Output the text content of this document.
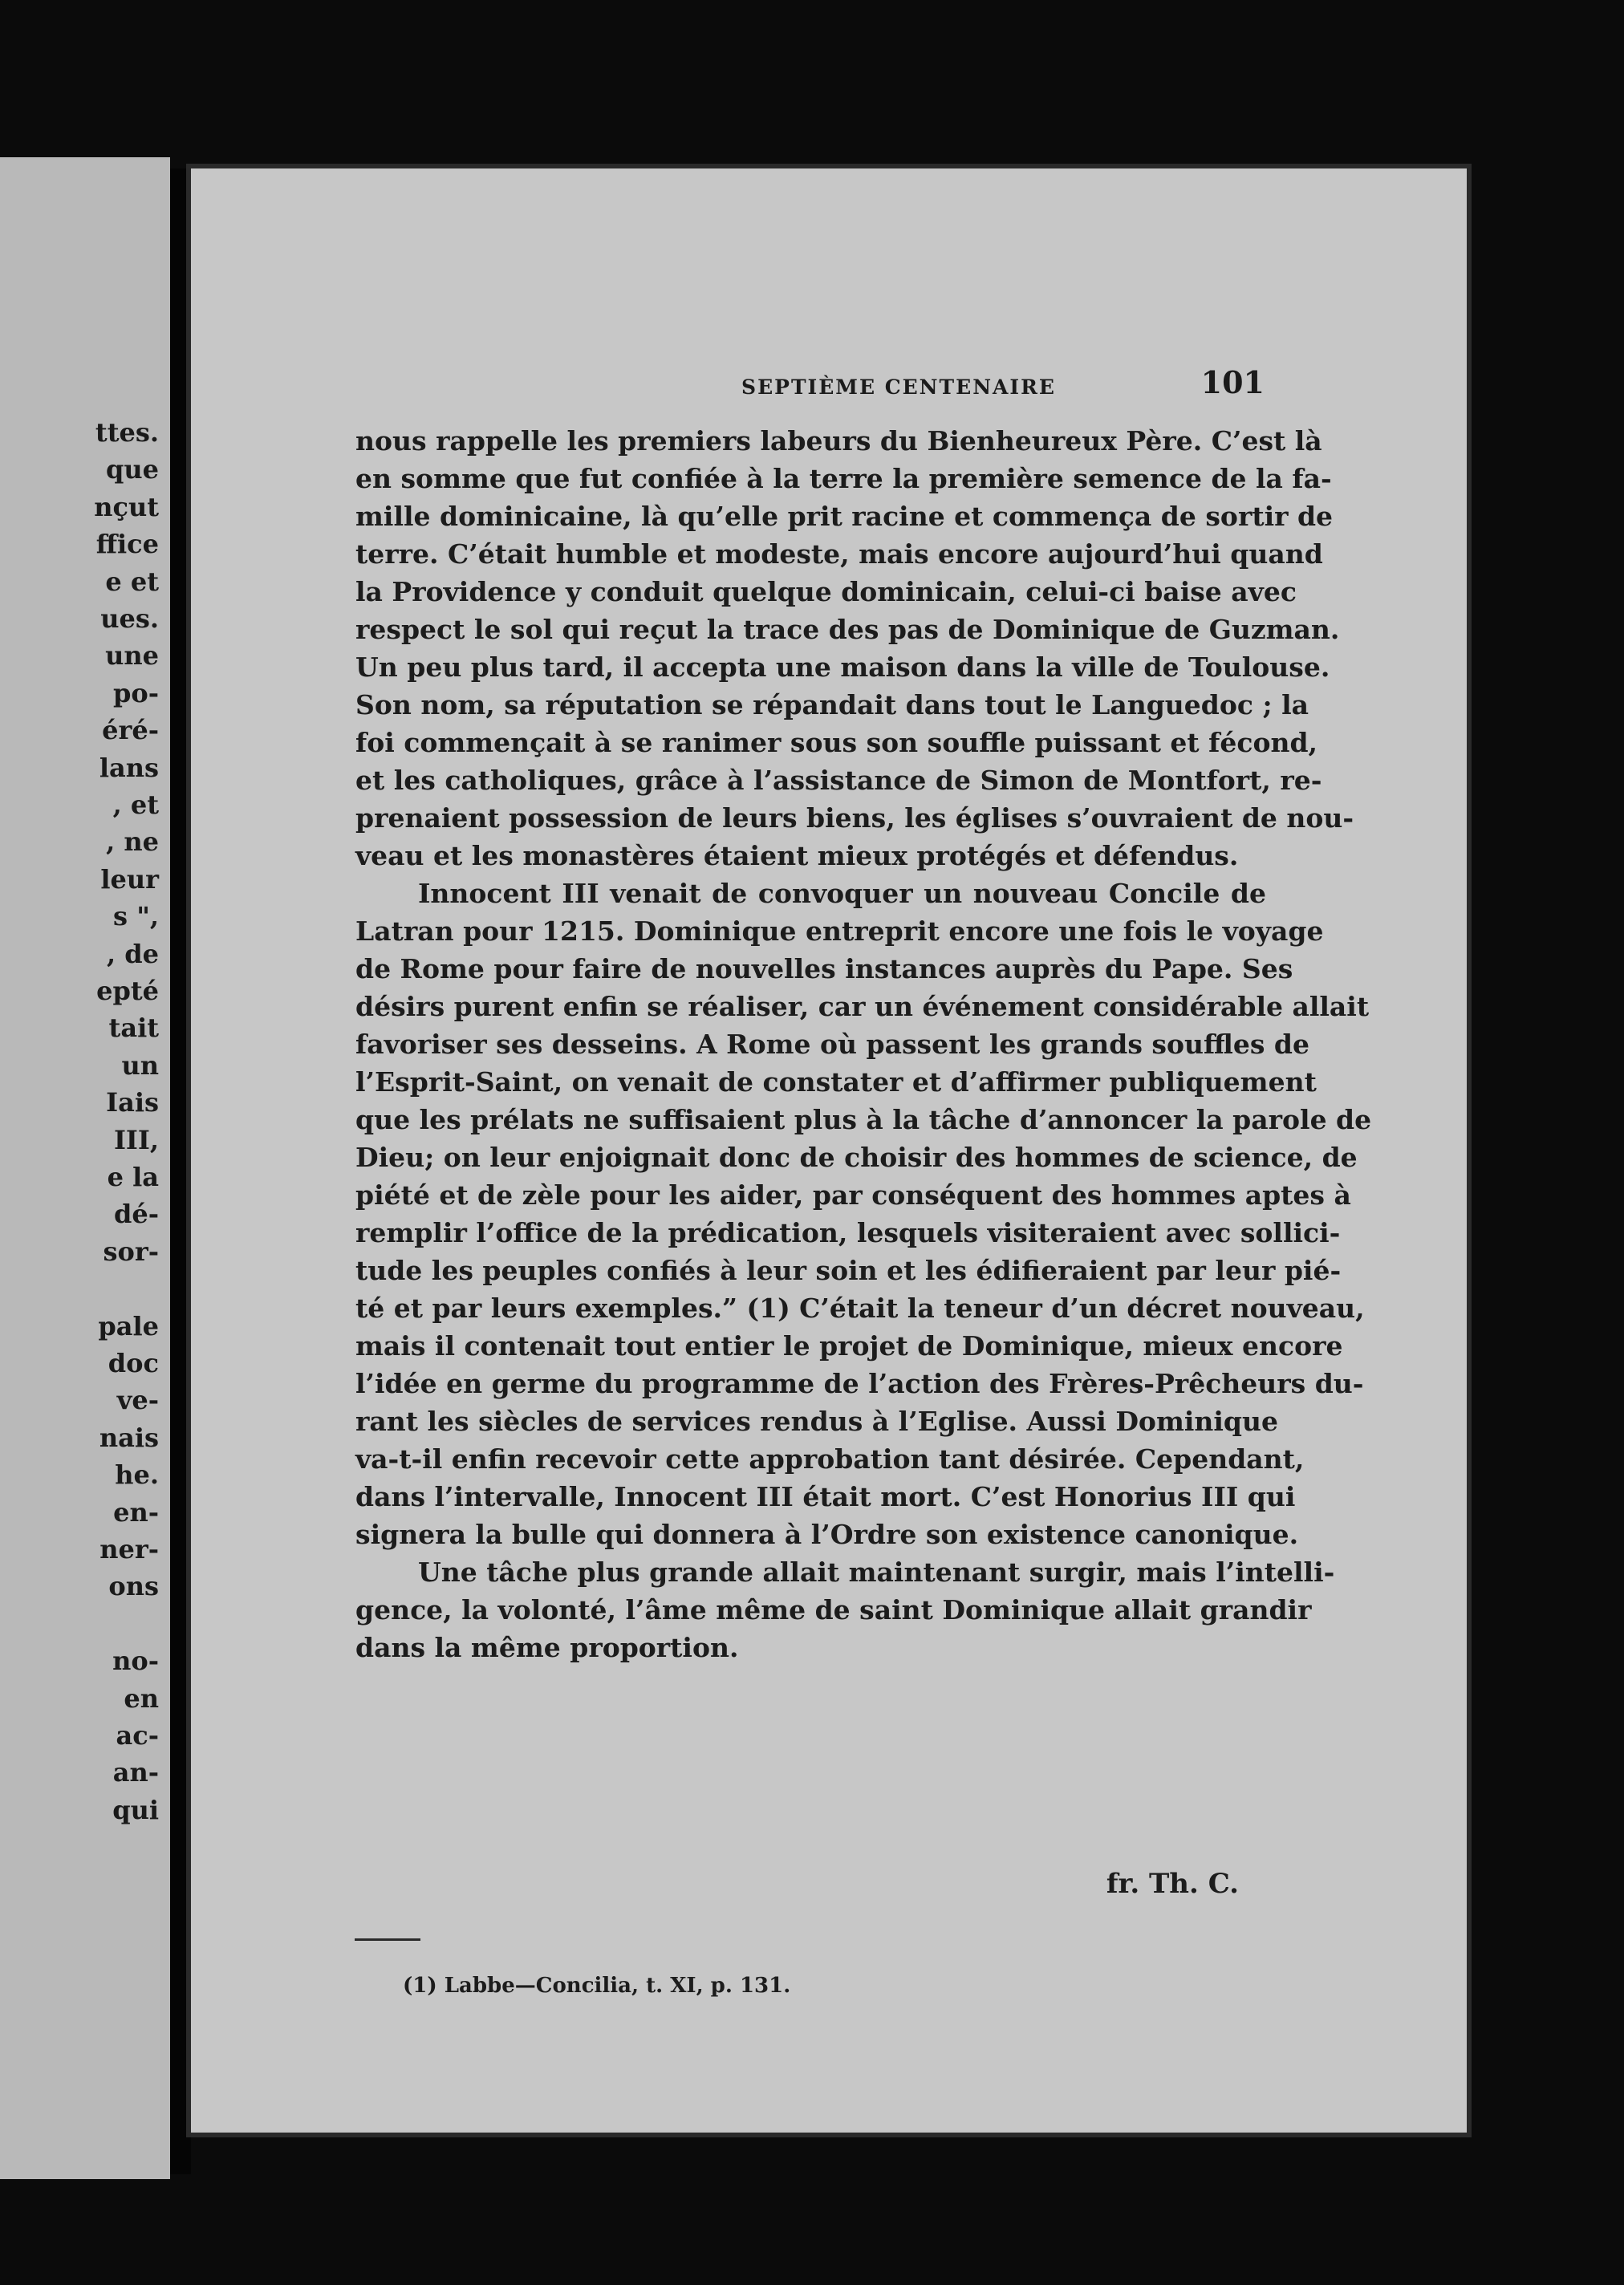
ttes.
que
nçut
ffice
e et
ues.
une
po-
éré-
lans
, et
, ne
leur
s ",
, de
epté
tait
un
Iais
III,
e la
dé-
sor-
pale
doc
ve-
nais
he.
en-
ner-
ons
no-
en
ac-
an-
qui
SEPTIÈME CENTENAIRE	101
nous rappelle les premiers labeurs du Bienheureux Père. C’est là
en somme que fut confiée à la terre la première semence de la fa-
mille dominicaine, là qu’elle prit racine et commença de sortir de
terre. C’était humble et modeste, mais encore aujourd’hui quand
la Providence y conduit quelque dominicain, celui-ci baise avec
respect le sol qui reçut la trace des pas de Dominique de Guzman.
Un peu plus tard, il accepta une maison dans la ville de Toulouse.
Son nom, sa réputation se répandait dans tout le Languedoc ; la
foi commençait à se ranimer sous son souffle puissant et fécond,
et les catholiques, grâce à l’assistance de Simon de Montfort, re-
prenaient possession de leurs biens, les églises s’ouvraient de nou-
veau et les monastères étaient mieux protégés et défendus.
Innocent III venait de convoquer un nouveau Concile de
Latran pour 1215. Dominique entreprit encore une fois le voyage
de Rome pour faire de nouvelles instances auprès du Pape. Ses
désirs purent enfin se réaliser, car un événement considérable allait
favoriser ses desseins. A Rome où passent les grands souffles de
l’Esprit-Saint, on venait de constater et d’affirmer publiquement
que les prélats ne suffisaient plus à la tâche d’annoncer la parole de
Dieu; on leur enjoignait donc de choisir des hommes de science, de
piété et de zèle pour les aider, par conséquent des hommes aptes à
remplir l’office de la prédication, lesquels visiteraient avec sollici-
tude les peuples confiés à leur soin et les édifieraient par leur pié-
té et par leurs exemples.” (1) C’était la teneur d’un décret nouveau,
mais il contenait tout entier le projet de Dominique, mieux encore
l’idée en germe du programme de l’action des Frères-Prêcheurs du-
rant les siècles de services rendus à l’Eglise. Aussi Dominique
va-t-il enfin recevoir cette approbation tant désirée. Cependant,
dans l’intervalle, Innocent III était mort. C’est Honorius III qui
signera la bulle qui donnera à l’Ordre son existence canonique.
Une tâche plus grande allait maintenant surgir, mais l’intelli-
gence, la volonté, l’âme même de saint Dominique allait grandir
dans la même proportion.
fr. Th. C.
(1) Labbe—Concilia, t. XI, p. 131.
